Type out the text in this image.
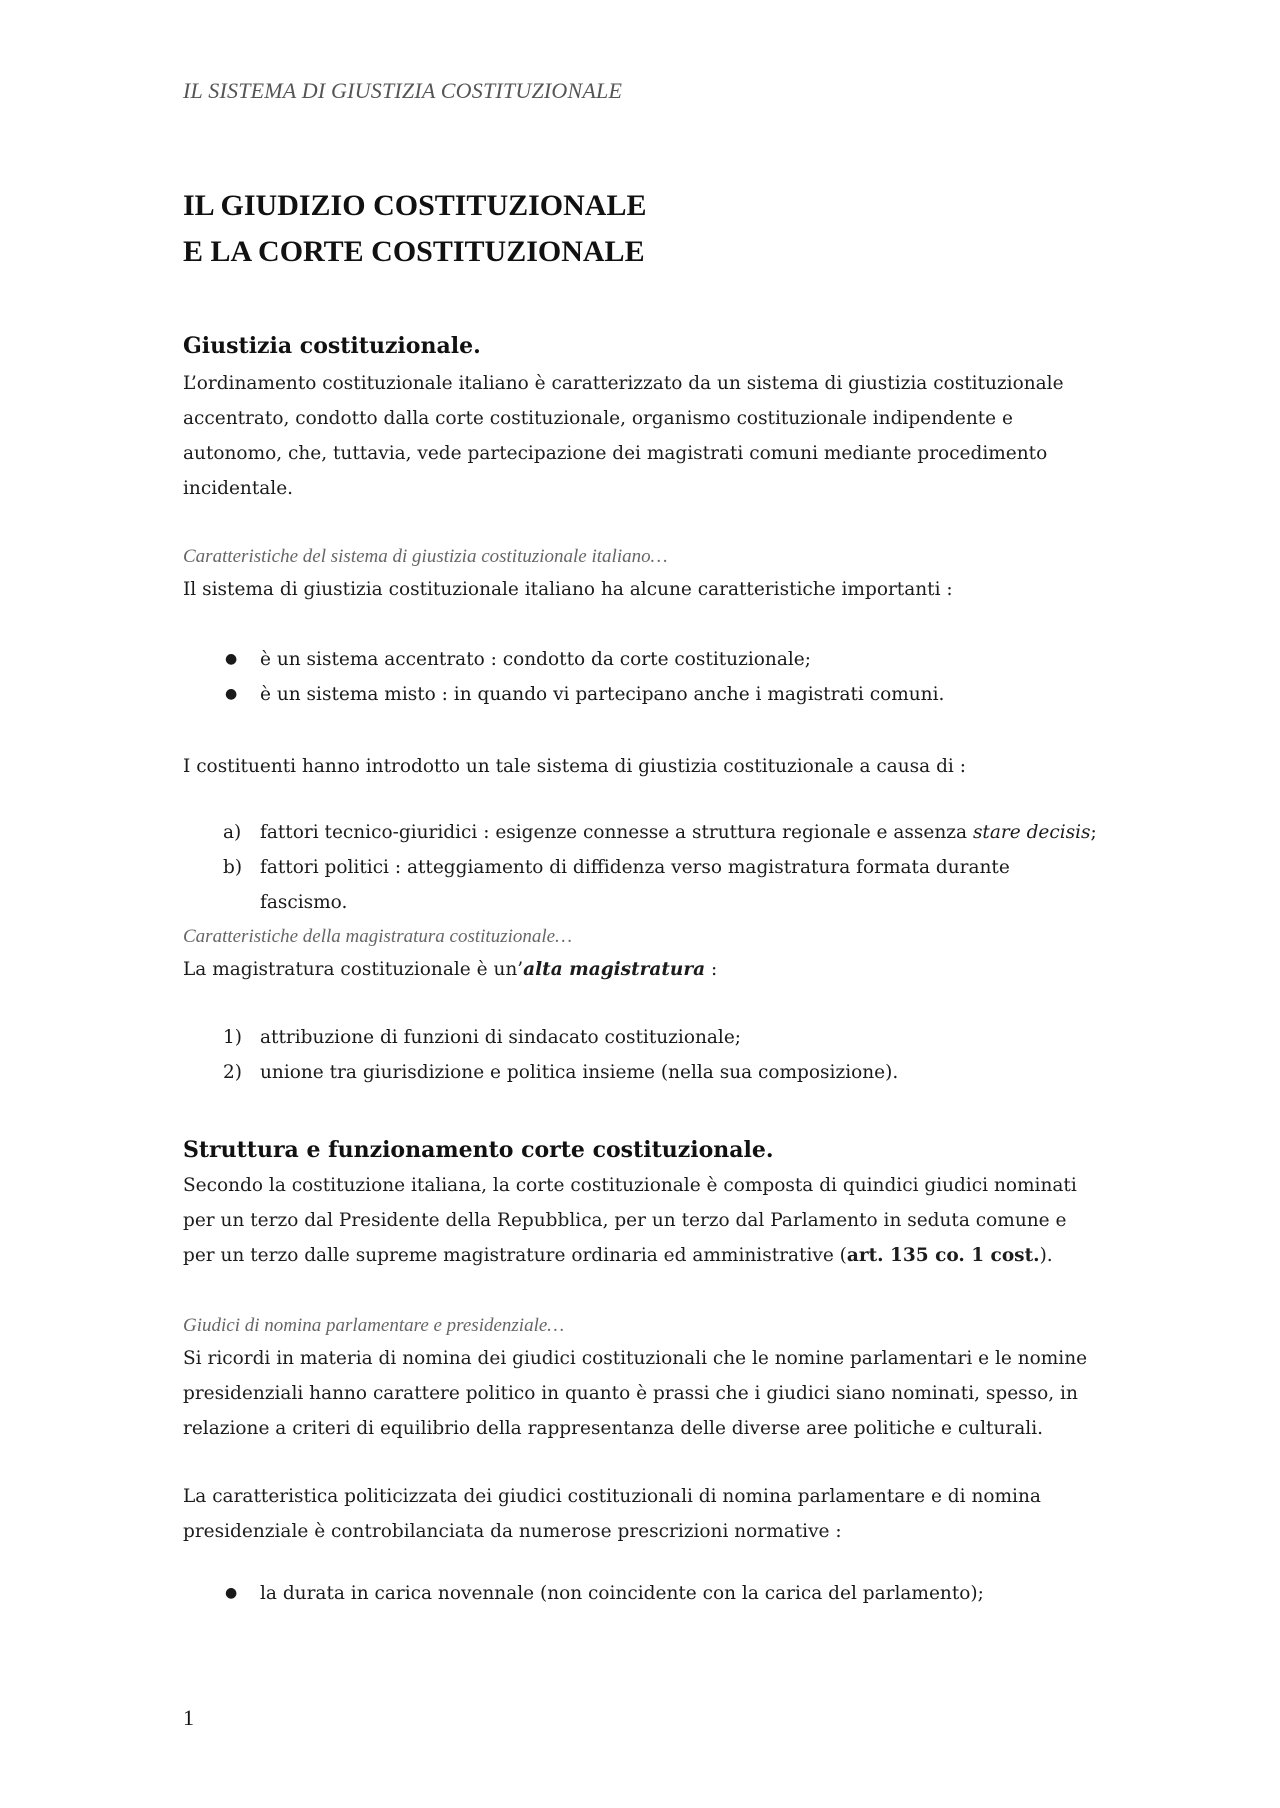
IL SISTEMA DI GIUSTIZIA COSTITUZIONALE
IL GIUDIZIO COSTITUZIONALE
E LA CORTE COSTITUZIONALE
Giustizia costituzionale.

L’ordinamento costituzionale italiano è caratterizzato da un sistema di giustizia costituzionale accentrato, condotto dalla corte costituzionale, organismo costituzionale indipendente e autonomo, che, tuttavia, vede partecipazione dei magistrati comuni mediante procedimento incidentale.

Caratteristiche del sistema di giustizia costituzionale italiano…

Il sistema di giustizia costituzionale italiano ha alcune caratteristiche importanti :

● è un sistema accentrato : condotto da corte costituzionale;
● è un sistema misto : in quando vi partecipano anche i magistrati comuni.

I costituenti hanno introdotto un tale sistema di giustizia costituzionale a causa di :

a) fattori tecnico-giuridici : esigenze connesse a struttura regionale e assenza stare decisis;
b) fattori politici : atteggiamento di diffidenza verso magistratura formata durante fascismo.

Caratteristiche della magistratura costituzionale…

La magistratura costituzionale è un’alta magistratura :

1) attribuzione di funzioni di sindacato costituzionale;
2) unione tra giurisdizione e politica insieme (nella sua composizione).
Struttura e funzionamento corte costituzionale.

Secondo la costituzione italiana, la corte costituzionale è composta di quindici giudici nominati per un terzo dal Presidente della Repubblica, per un terzo dal Parlamento in seduta comune e per un terzo dalle supreme magistrature ordinaria ed amministrative (art. 135 co. 1 cost.).

Giudici di nomina parlamentare e presidenziale…

Si ricordi in materia di nomina dei giudici costituzionali che le nomine parlamentari e le nomine presidenziali hanno carattere politico in quanto è prassi che i giudici siano nominati, spesso, in relazione a criteri di equilibrio della rappresentanza delle diverse aree politiche e culturali.

La caratteristica politicizzata dei giudici costituzionali di nomina parlamentare e di nomina presidenziale è controbilanciata da numerose prescrizioni normative :

● la durata in carica novennale (non coincidente con la carica del parlamento);
1
